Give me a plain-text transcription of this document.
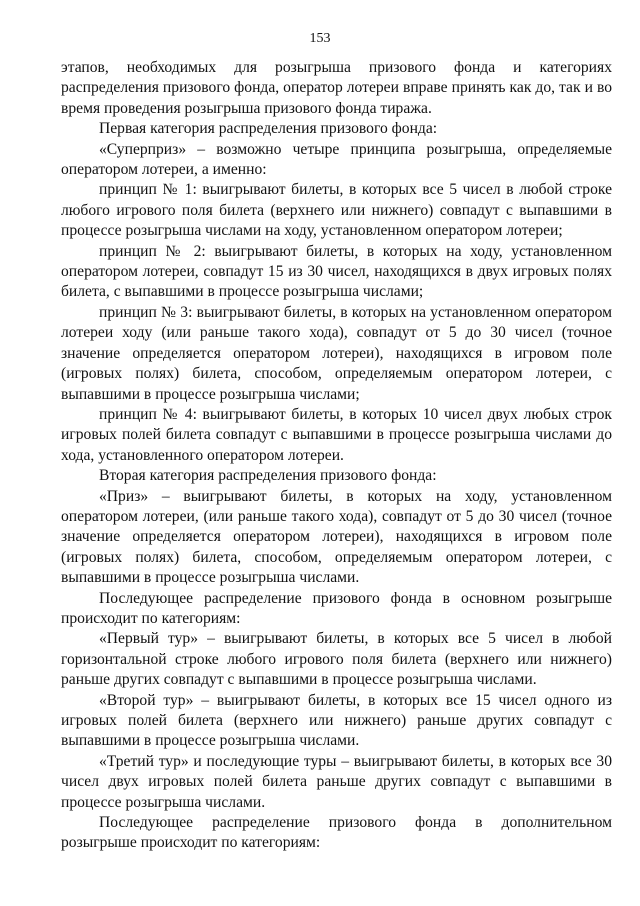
153

этапов, необходимых для розыгрыша призового фонда и категориях распределения призового фонда, оператор лотереи вправе принять как до, так и во время проведения розыгрыша призового фонда тиража.

Первая категория распределения призового фонда:

«Суперприз» – возможно четыре принципа розыгрыша, определяемые оператором лотереи, а именно:

принцип № 1: выигрывают билеты, в которых все 5 чисел в любой строке любого игрового поля билета (верхнего или нижнего) совпадут с выпавшими в процессе розыгрыша числами на ходу, установленном оператором лотереи;

принцип № 2: выигрывают билеты, в которых на ходу, установленном оператором лотереи, совпадут 15 из 30 чисел, находящихся в двух игровых полях билета, с выпавшими в процессе розыгрыша числами;

принцип № 3: выигрывают билеты, в которых на установленном оператором лотереи ходу (или раньше такого хода), совпадут от 5 до 30 чисел (точное значение определяется оператором лотереи), находящихся в игровом поле (игровых полях) билета, способом, определяемым оператором лотереи, с выпавшими в процессе розыгрыша числами;

принцип № 4: выигрывают билеты, в которых 10 чисел двух любых строк игровых полей билета совпадут с выпавшими в процессе розыгрыша числами до хода, установленного оператором лотереи.

Вторая категория распределения призового фонда:

«Приз» – выигрывают билеты, в которых на ходу, установленном оператором лотереи, (или раньше такого хода), совпадут от 5 до 30 чисел (точное значение определяется оператором лотереи), находящихся в игровом поле (игровых полях) билета, способом, определяемым оператором лотереи, с выпавшими в процессе розыгрыша числами.

Последующее распределение призового фонда в основном розыгрыше происходит по категориям:

«Первый тур» – выигрывают билеты, в которых все 5 чисел в любой горизонтальной строке любого игрового поля билета (верхнего или нижнего) раньше других совпадут с выпавшими в процессе розыгрыша числами.

«Второй тур» – выигрывают билеты, в которых все 15 чисел одного из игровых полей билета (верхнего или нижнего) раньше других совпадут с выпавшими в процессе розыгрыша числами.

«Третий тур» и последующие туры – выигрывают билеты, в которых все 30 чисел двух игровых полей билета раньше других совпадут с выпавшими в процессе розыгрыша числами.

Последующее распределение призового фонда в дополнительном розыгрыше происходит по категориям:
